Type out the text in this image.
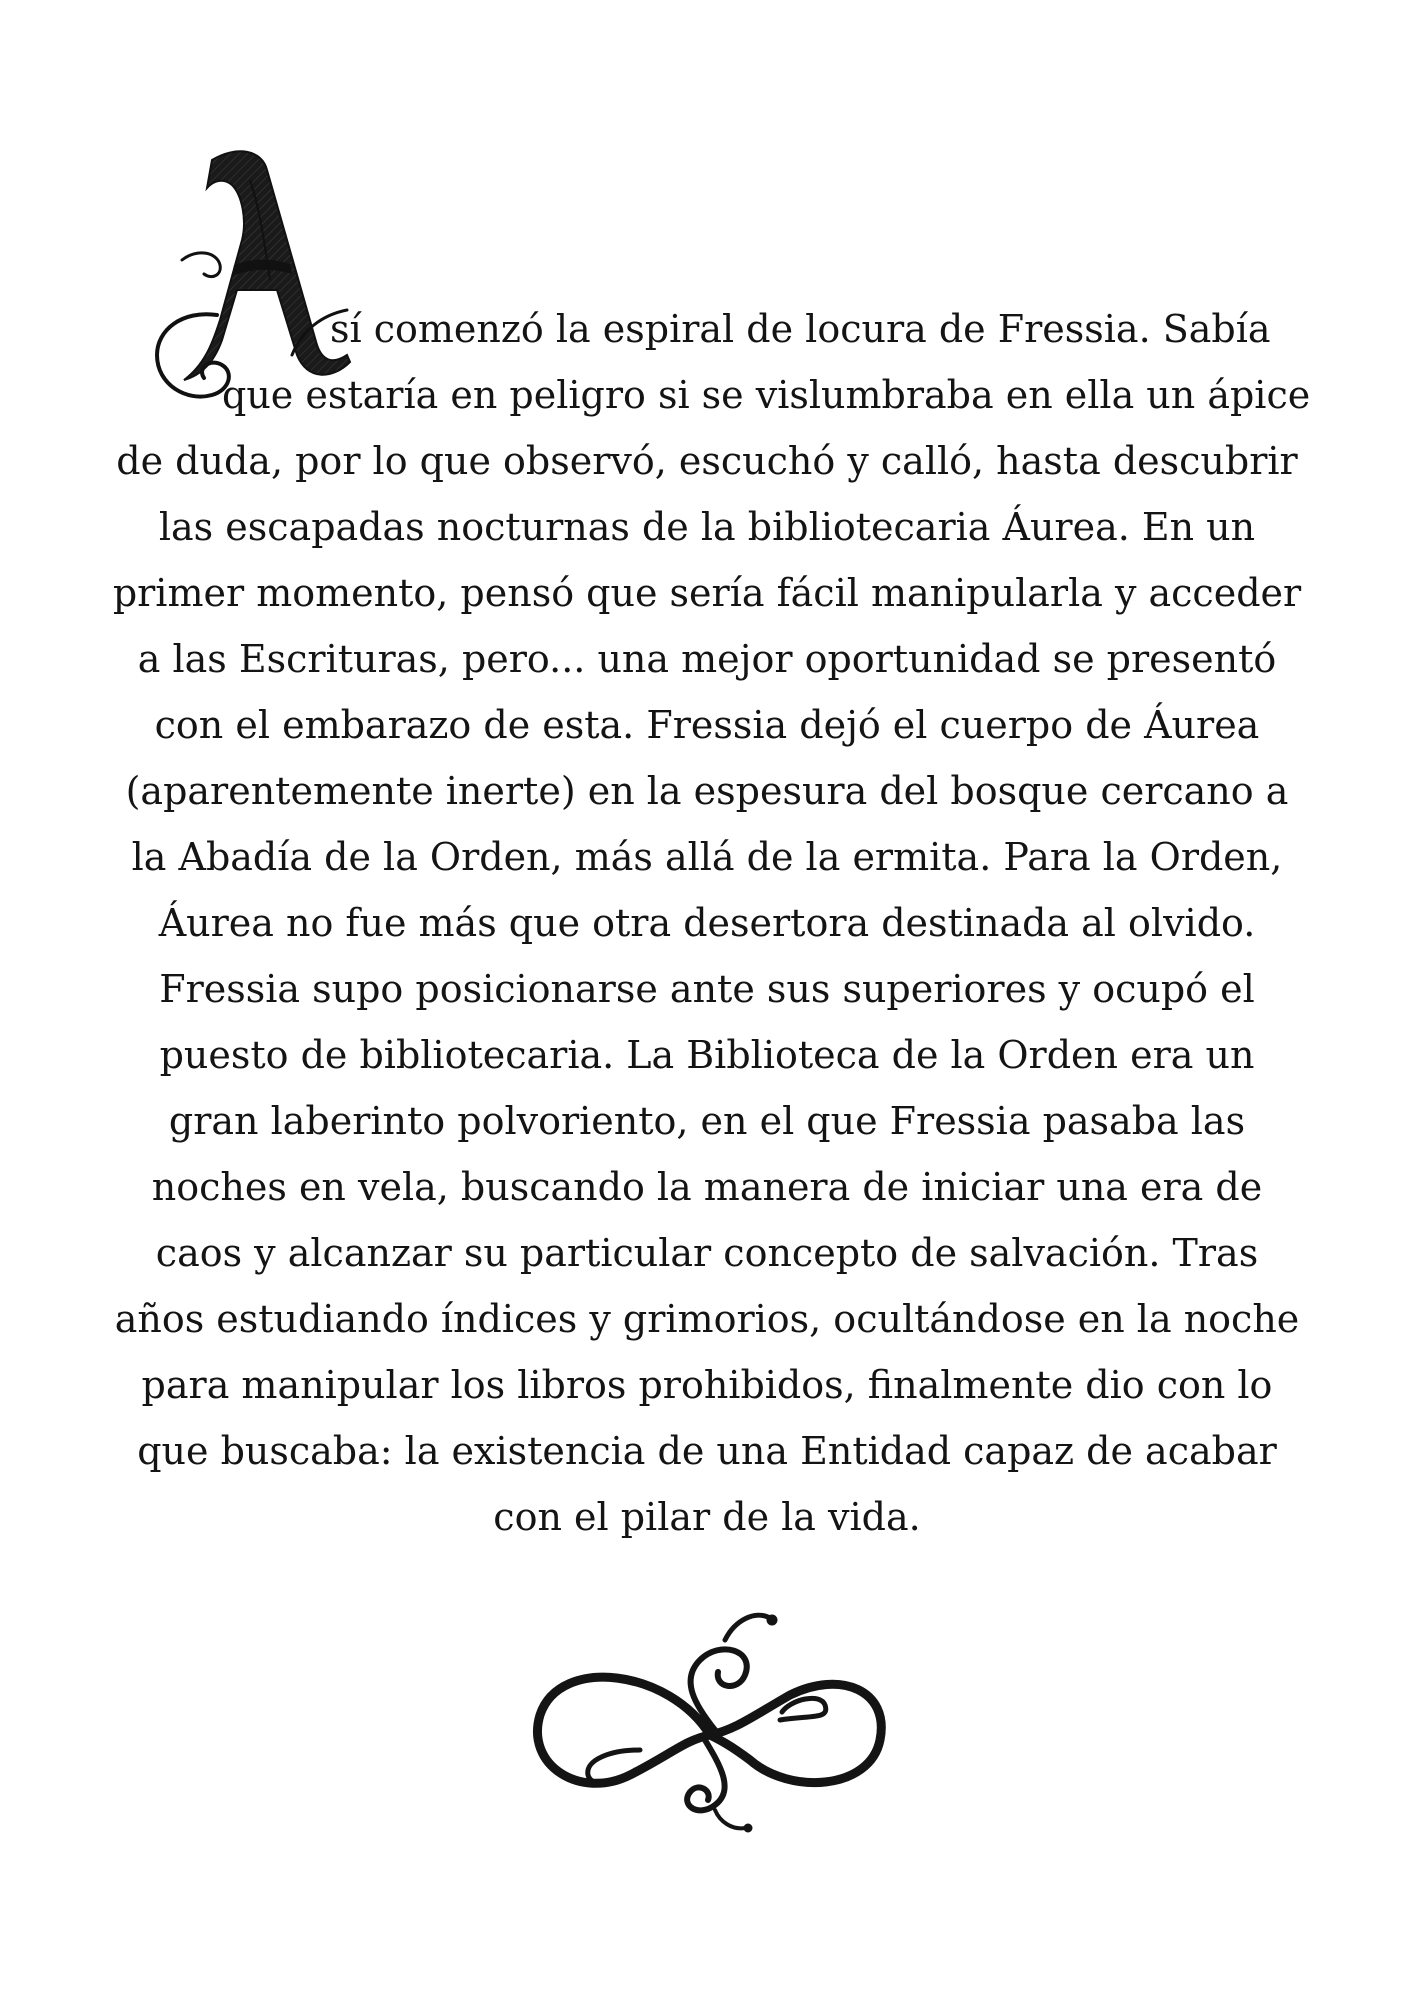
sí comenzó la espiral de locura de Fressia. Sabía
que estaría en peligro si se vislumbraba en ella un ápice
de duda, por lo que observó, escuchó y calló, hasta descubrir
las escapadas nocturnas de la bibliotecaria Áurea. En un
primer momento, pensó que sería fácil manipularla y acceder
a las Escrituras, pero... una mejor oportunidad se presentó
con el embarazo de esta. Fressia dejó el cuerpo de Áurea
(aparentemente inerte) en la espesura del bosque cercano a
la Abadía de la Orden, más allá de la ermita. Para la Orden,
Áurea no fue más que otra desertora destinada al olvido.
Fressia supo posicionarse ante sus superiores y ocupó el
puesto de bibliotecaria. La Biblioteca de la Orden era un
gran laberinto polvoriento, en el que Fressia pasaba las
noches en vela, buscando la manera de iniciar una era de
caos y alcanzar su particular concepto de salvación. Tras
años estudiando índices y grimorios, ocultándose en la noche
para manipular los libros prohibidos, finalmente dio con lo
que buscaba: la existencia de una Entidad capaz de acabar
con el pilar de la vida.
